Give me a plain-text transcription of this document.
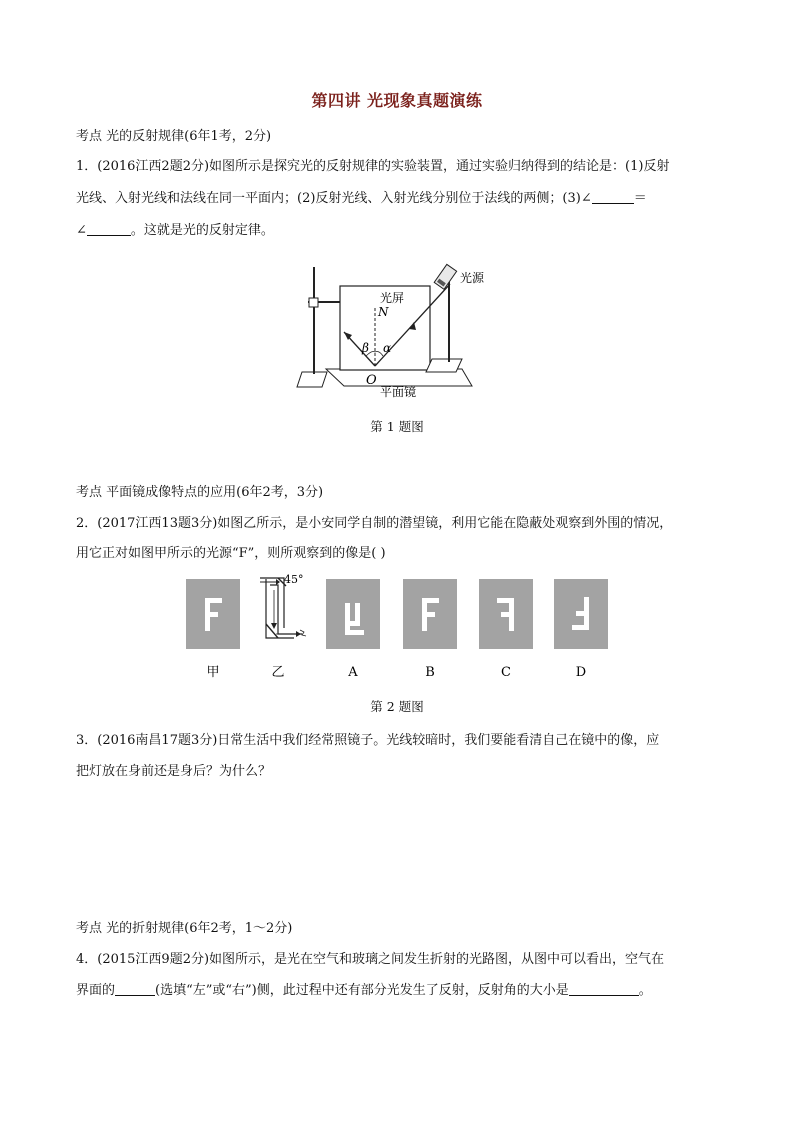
第四讲 光现象真题演练
考点 光的反射规律(6年1考，2分)
1．(2016江西2题2分)如图所示是探究光的反射规律的实验装置，通过实验归纳得到的结论是：(1)反射
光线、入射光线和法线在同一平面内；(2)反射光线、入射光线分别位于法线的两侧；(3)∠	＝
∠	。这就是光的反射定律。
光屏
N
β α
O
平面镜
光源
第 1 题图
考点 平面镜成像特点的应用(6年2考，3分)
2．(2017江西13题3分)如图乙所示，是小安同学自制的潜望镜，利用它能在隐蔽处观察到外围的情况，
用它正对如图甲所示的光源“F”，则所观察到的像是( )
45°
甲	乙	A	B	C	D
第 2 题图
3．(2016南昌17题3分)日常生活中我们经常照镜子。光线较暗时，我们要能看清自己在镜中的像，应
把灯放在身前还是身后？为什么？
考点 光的折射规律(6年2考，1～2分)
4．(2015江西9题2分)如图所示，是光在空气和玻璃之间发生折射的光路图，从图中可以看出，空气在
界面的	(选填“左”或“右”)侧，此过程中还有部分光发生了反射，反射角的大小是	。
